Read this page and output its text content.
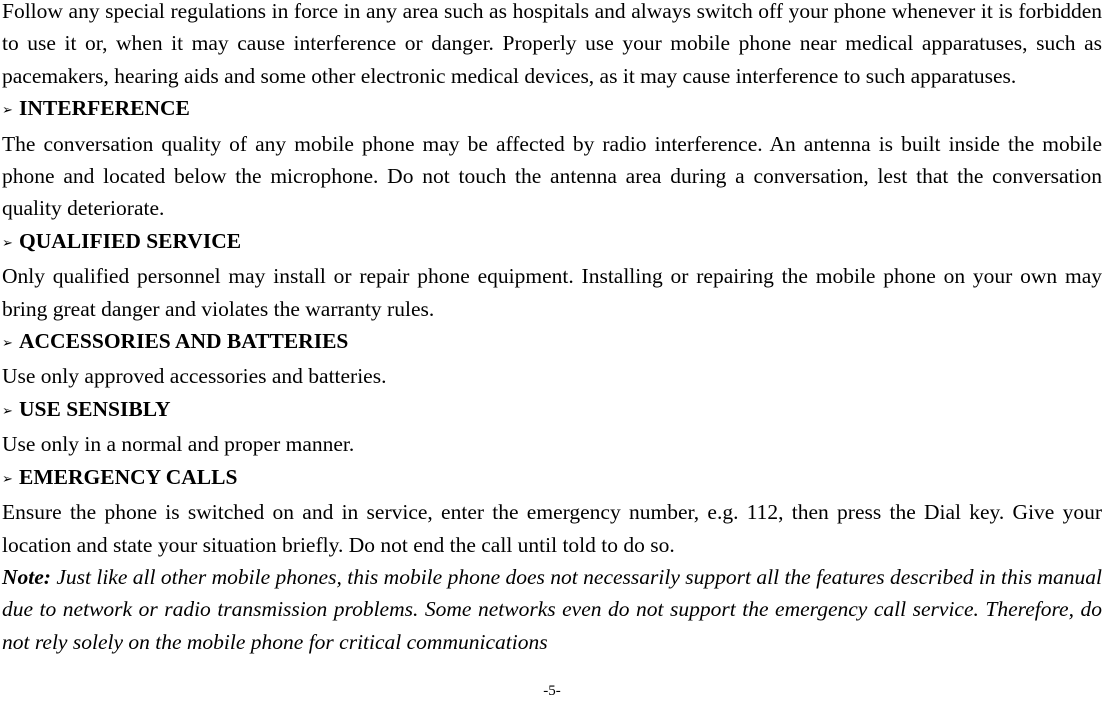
Follow any special regulations in force in any area such as hospitals and always switch off your phone whenever it is forbidden to use it or, when it may cause interference or danger. Properly use your mobile phone near medical apparatuses, such as pacemakers, hearing aids and some other electronic medical devices, as it may cause interference to such apparatuses.

➢ INTERFERENCE

The conversation quality of any mobile phone may be affected by radio interference. An antenna is built inside the mobile phone and located below the microphone. Do not touch the antenna area during a conversation, lest that the conversation quality deteriorate.

➢ QUALIFIED SERVICE

Only qualified personnel may install or repair phone equipment. Installing or repairing the mobile phone on your own may bring great danger and violates the warranty rules.

➢ ACCESSORIES AND BATTERIES

Use only approved accessories and batteries.

➢ USE SENSIBLY

Use only in a normal and proper manner.

➢ EMERGENCY CALLS

Ensure the phone is switched on and in service, enter the emergency number, e.g. 112, then press the Dial key. Give your location and state your situation briefly. Do not end the call until told to do so.

Note: Just like all other mobile phones, this mobile phone does not necessarily support all the features described in this manual due to network or radio transmission problems. Some networks even do not support the emergency call service. Therefore, do not rely solely on the mobile phone for critical communications

-5-
